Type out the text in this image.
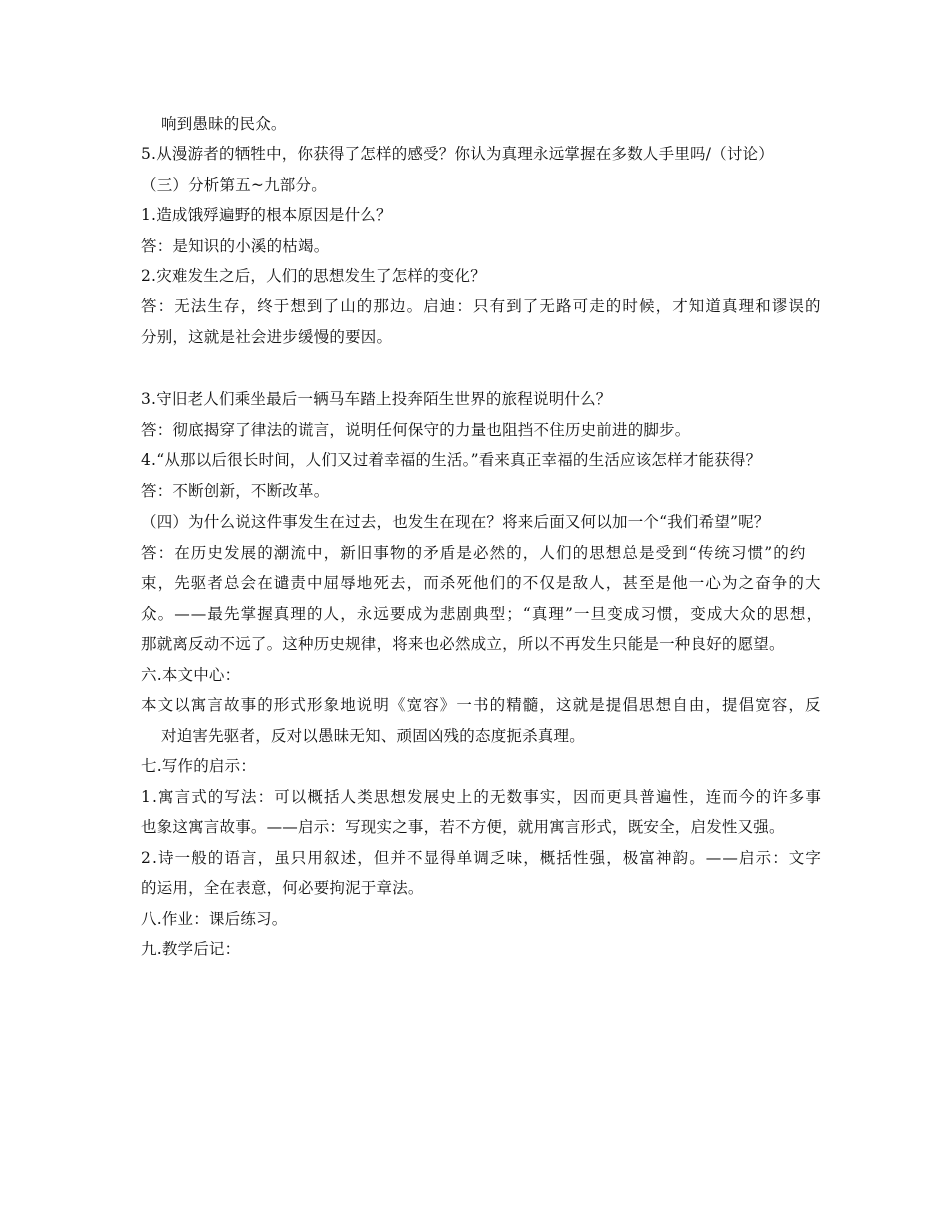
响到愚昧的民众。
5.从漫游者的牺牲中，你获得了怎样的感受？你认为真理永远掌握在多数人手里吗/（讨论）
（三）分析第五~九部分。
1.造成饿殍遍野的根本原因是什么？
答：是知识的小溪的枯竭。
2.灾难发生之后，人们的思想发生了怎样的变化？
答：无法生存，终于想到了山的那边。启迪：只有到了无路可走的时候，才知道真理和谬误的
分别，这就是社会进步缓慢的要因。
3.守旧老人们乘坐最后一辆马车踏上投奔陌生世界的旅程说明什么？
答：彻底揭穿了律法的谎言，说明任何保守的力量也阻挡不住历史前进的脚步。
4.“从那以后很长时间，人们又过着幸福的生活。”看来真正幸福的生活应该怎样才能获得？
答：不断创新，不断改革。
（四）为什么说这件事发生在过去，也发生在现在？将来后面又何以加一个“我们希望”呢？
答：在历史发展的潮流中，新旧事物的矛盾是必然的，人们的思想总是受到“传统习惯”的约
束，先驱者总会在谴责中屈辱地死去，而杀死他们的不仅是敌人，甚至是他一心为之奋争的大
众。——最先掌握真理的人，永远要成为悲剧典型；“真理”一旦变成习惯，变成大众的思想，
那就离反动不远了。这种历史规律，将来也必然成立，所以不再发生只能是一种良好的愿望。
六.本文中心：
本文以寓言故事的形式形象地说明《宽容》一书的精髓，这就是提倡思想自由，提倡宽容，反
对迫害先驱者，反对以愚昧无知、顽固凶残的态度扼杀真理。
七.写作的启示：
1.寓言式的写法：可以概括人类思想发展史上的无数事实，因而更具普遍性，连而今的许多事
也象这寓言故事。——启示：写现实之事，若不方便，就用寓言形式，既安全，启发性又强。
2.诗一般的语言，虽只用叙述，但并不显得单调乏味，概括性强，极富神韵。——启示：文字
的运用，全在表意，何必要拘泥于章法。
八.作业：课后练习。
九.教学后记：
